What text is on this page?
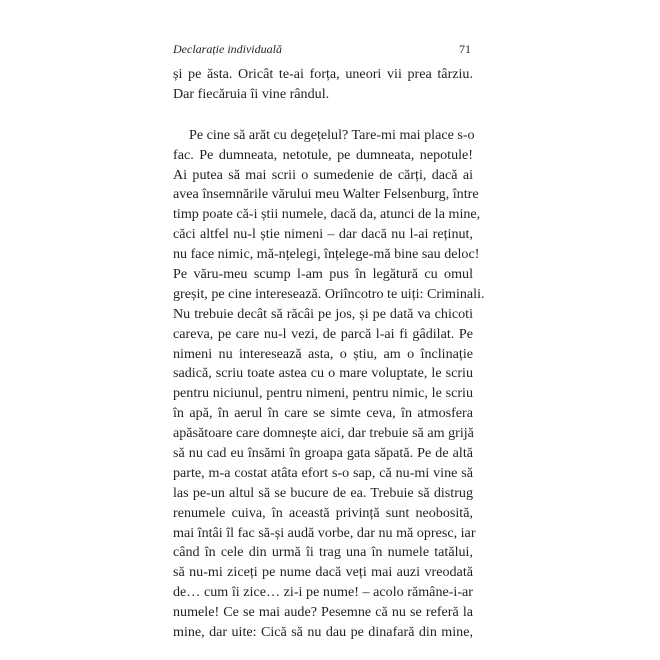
Declarație individuală	71
și pe ăsta. Oricât te-ai forța, uneori vii prea târziu.
Dar fiecăruia îi vine rândul.
Pe cine să arăt cu degețelul? Tare-mi mai place s-o
fac. Pe dumneata, netotule, pe dumneata, nepotule!
Ai putea să mai scrii o sumedenie de cărți, dacă ai
avea însemnările vărului meu Walter Felsenburg, între
timp poate că-i știi numele, dacă da, atunci de la mine,
căci altfel nu-l știe nimeni – dar dacă nu l-ai reținut,
nu face nimic, mă-nțelegi, înțelege-mă bine sau deloc!
Pe văru-meu scump l-am pus în legătură cu omul
greșit, pe cine interesează. Oriîncotro te uiți: Criminali.
Nu trebuie decât să răcâi pe jos, și pe dată va chicoti
careva, pe care nu-l vezi, de parcă l-ai fi gâdilat. Pe
nimeni nu interesează asta, o știu, am o înclinație
sadică, scriu toate astea cu o mare voluptate, le scriu
pentru niciunul, pentru nimeni, pentru nimic, le scriu
în apă, în aerul în care se simte ceva, în atmosfera
apăsătoare care domnește aici, dar trebuie să am grijă
să nu cad eu însămi în groapa gata săpată. Pe de altă
parte, m-a costat atâta efort s-o sap, că nu-mi vine să
las pe-un altul să se bucure de ea. Trebuie să distrug
renumele cuiva, în această privință sunt neobosită,
mai întâi îl fac să-și audă vorbe, dar nu mă opresc, iar
când în cele din urmă îi trag una în numele tatălui,
să nu-mi ziceți pe nume dacă veți mai auzi vreodată
de… cum îi zice… zi-i pe nume! – acolo rămâne-i-ar
numele! Ce se mai aude? Pesemne că nu se referă la
mine, dar uite: Cică să nu dau pe dinafară din mine,
